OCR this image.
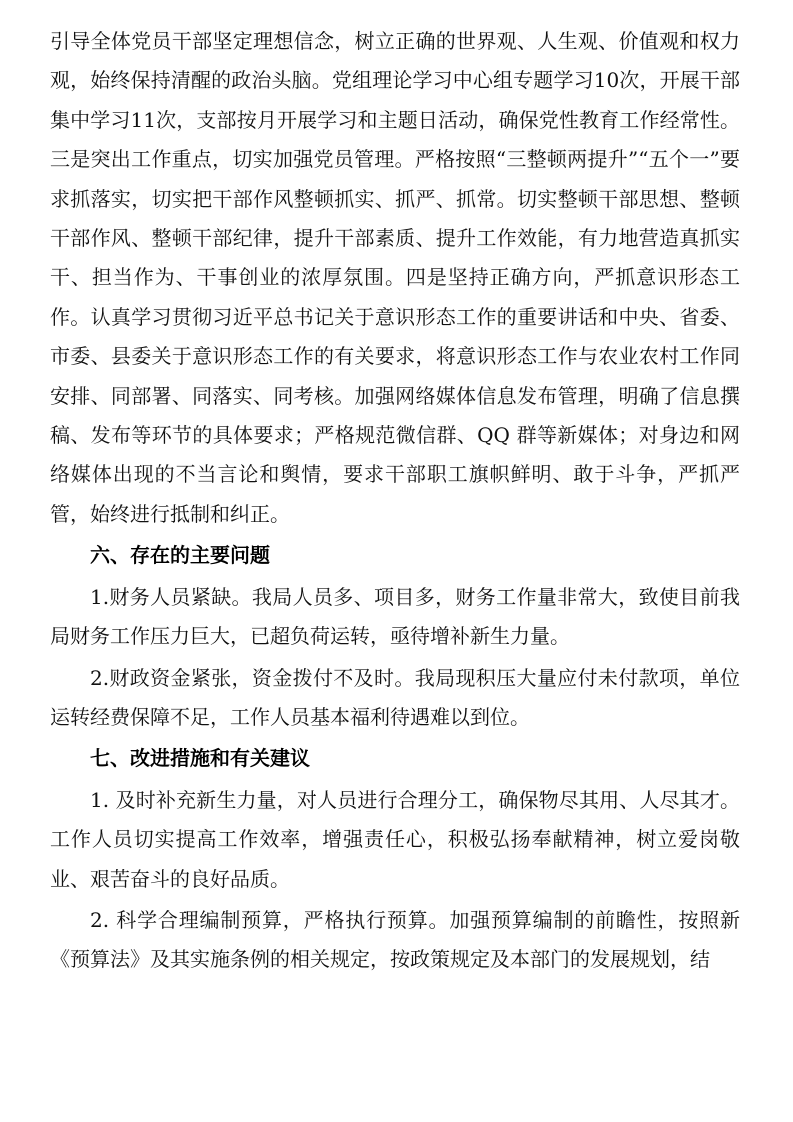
引导全体党员干部坚定理想信念，树立正确的世界观、人生观、价值观和权力观，始终保持清醒的政治头脑。党组理论学习中心组专题学习10次，开展干部集中学习11次，支部按月开展学习和主题日活动，确保党性教育工作经常性。三是突出工作重点，切实加强党员管理。严格按照“三整顿两提升”“五个一”要求抓落实，切实把干部作风整顿抓实、抓严、抓常。切实整顿干部思想、整顿干部作风、整顿干部纪律，提升干部素质、提升工作效能，有力地营造真抓实干、担当作为、干事创业的浓厚氛围。四是坚持正确方向，严抓意识形态工作。认真学习贯彻习近平总书记关于意识形态工作的重要讲话和中央、省委、市委、县委关于意识形态工作的有关要求，将意识形态工作与农业农村工作同安排、同部署、同落实、同考核。加强网络媒体信息发布管理，明确了信息撰稿、发布等环节的具体要求；严格规范微信群、QQ 群等新媒体；对身边和网络媒体出现的不当言论和舆情，要求干部职工旗帜鲜明、敢于斗争，严抓严管，始终进行抵制和纠正。

六、存在的主要问题

1.财务人员紧缺。我局人员多、项目多，财务工作量非常大，致使目前我局财务工作压力巨大，已超负荷运转，亟待增补新生力量。

2.财政资金紧张，资金拨付不及时。我局现积压大量应付未付款项，单位运转经费保障不足，工作人员基本福利待遇难以到位。

七、改进措施和有关建议

1. 及时补充新生力量，对人员进行合理分工，确保物尽其用、人尽其才。工作人员切实提高工作效率，增强责任心，积极弘扬奉献精神，树立爱岗敬业、艰苦奋斗的良好品质。

2. 科学合理编制预算，严格执行预算。加强预算编制的前瞻性，按照新《预算法》及其实施条例的相关规定，按政策规定及本部门的发展规划，结
